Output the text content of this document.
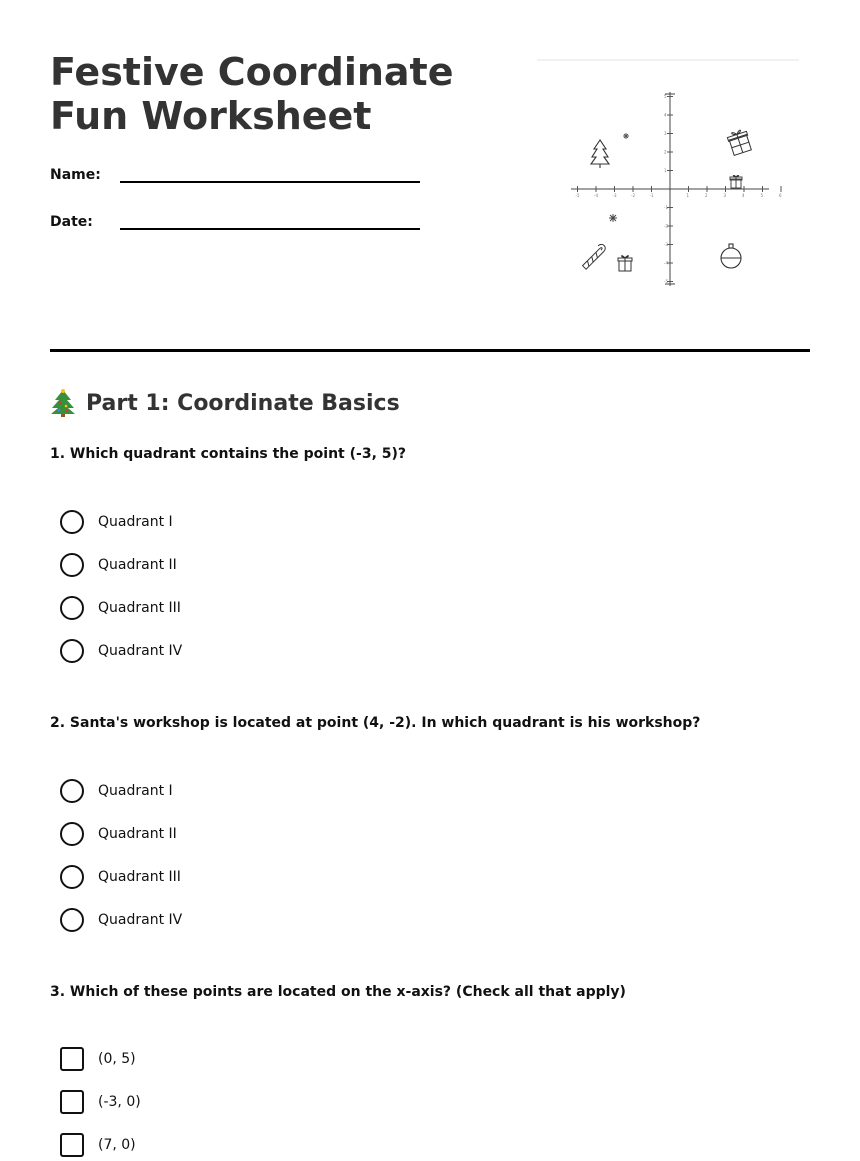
Festive Coordinate Fun Worksheet
Name:
Date:
-5	-4	-3	-2	-1	1	2	3	4	5	6
5
4
3
2
1
-1
-2
-3
-4
-5
Part 1: Coordinate Basics
1. Which quadrant contains the point (-3, 5)?
Quadrant I
Quadrant II
Quadrant III
Quadrant IV
2. Santa's workshop is located at point (4, -2). In which quadrant is his workshop?
Quadrant I
Quadrant II
Quadrant III
Quadrant IV
3. Which of these points are located on the x-axis? (Check all that apply)
(0, 5)
(-3, 0)
(7, 0)
